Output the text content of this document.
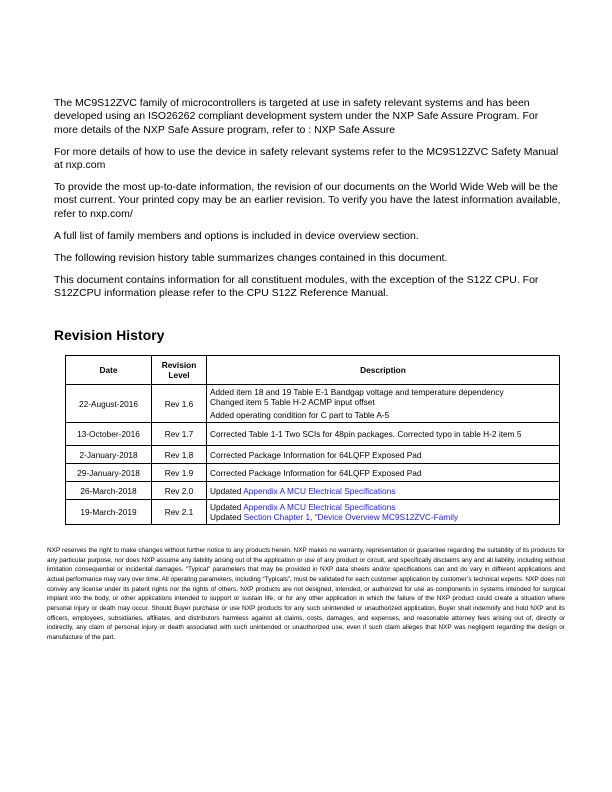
The MC9S12ZVC family of microcontrollers is targeted at use in safety relevant systems and has been developed using an ISO26262 compliant development system under the NXP Safe Assure Program. For more details of the NXP Safe Assure program, refer to : NXP Safe Assure

For more details of how to use the device in safety relevant systems refer to the MC9S12ZVC Safety Manual at nxp.com

To provide the most up-to-date information, the revision of our documents on the World Wide Web will be the most current. Your printed copy may be an earlier revision. To verify you have the latest information available, refer to nxp.com/

A full list of family members and options is included in device overview section.

The following revision history table summarizes changes contained in this document.

This document contains information for all constituent modules, with the exception of the S12Z CPU. For S12ZCPU information please refer to the CPU S12Z Reference Manual.

Revision History
Date	Revision Level	Description
22-August-2016	Rev 1.6	Added item 18 and 19 Table E-1 Bandgap voltage and temperature dependency
Changed item 5 Table H-2 ACMP input offset
Added operating condition for C part to Table A-5

13-October-2016	Rev 1.7	Corrected Table 1-1 Two SCIs for 48pin packages. Corrected typo in table H-2 item 5

2-January-2018	Rev 1.8	Corrected Package Information for 64LQFP Exposed Pad

29-January-2018	Rev 1.9	Corrected Package Information for 64LQFP Exposed Pad

26-March-2018	Rev 2.0	Updated Appendix A MCU Electrical Specifications

19-March-2019	Rev 2.1	Updated Appendix A MCU Electrical Specifications
Updated Section Chapter 1, “Device Overview MC9S12ZVC-Family
NXP reserves the right to make changes without further notice to any products herein. NXP makes no warranty, representation or guarantee regarding the suitability of its products for any particular purpose, nor does NXP assume any liability arising out of the application or use of any product or circuit, and specifically disclaims any and all liability, including without limitation consequential or incidental damages. “Typical” parameters that may be provided in NXP data sheets and/or specifications can and do vary in different applications and actual performance may vary over time. All operating parameters, including “Typicals”, must be validated for each customer application by customer’s technical experts. NXP does not convey any license under its patent rights nor the rights of others. NXP products are not designed, intended, or authorized for use as components in systems intended for surgical implant into the body, or other applications intended to support or sustain life, or for any other application in which the failure of the NXP product could create a situation where personal injury or death may occur. Should Buyer purchase or use NXP products for any such unintended or unauthorized application, Buyer shall indemnify and hold NXP and its officers, employees, subsidiaries, affiliates, and distributors harmless against all claims, costs, damages, and expenses, and reasonable attorney fees arising out of, directly or indirectly, any claim of personal injury or death associated with such unintended or unauthorized use, even if such claim alleges that NXP was negligent regarding the design or manufacture of the part.
